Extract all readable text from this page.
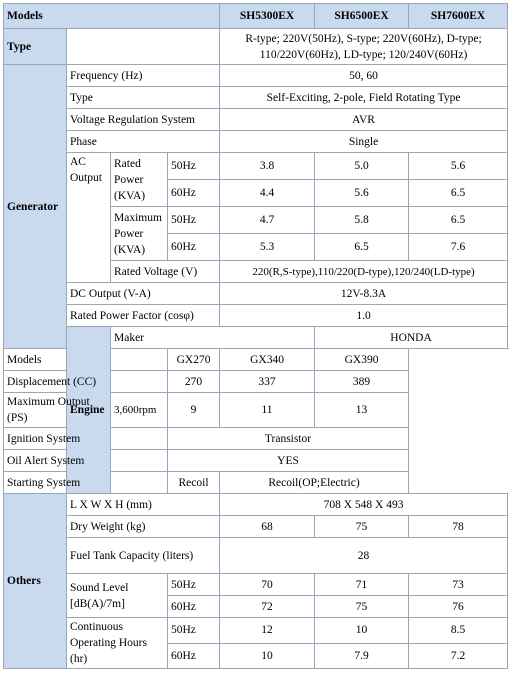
Models				SH5300EX	SH6500EX	SH7600EX
Type				R-type; 220V(50Hz), S-type; 220V(60Hz), D-type;
110/220V(60Hz), LD-type; 120/240V(60Hz)		
Generator	Frequency (Hz)			50, 60		
	Type			Self-Exciting, 2-pole, Field Rotating Type		
	Voltage Regulation System			AVR		
	Phase			Single		
	AC Output	Rated Power (KVA)	50Hz	3.8	5.0	5.6
			60Hz	4.4	5.6	6.5
		Maximum Power (KVA)	50Hz	4.7	5.8	6.5
			60Hz	5.3	6.5	7.6
		Rated Voltage (V)		220(R,S-type),110/220(D-type),120/240(LD-type)		
	DC Output (V-A)			12V-8.3A		
	Rated Power Factor (cosφ)			1.0		
	Engine	Maker			HONDA	
Models			GX270	GX340	GX390	
Displacement (CC)			270	337	389	
Maximum Output (PS)		3,600rpm	9	11	13	
Ignition System			Transistor			
Oil Alert System			YES			
Starting System			Recoil	Recoil(OP;Electric)		
Others	L X W X H (mm)			708 X 548 X 493		
	Dry Weight (kg)			68	75	78
	Fuel Tank Capacity (liters)			28		
	Sound Level [dB(A)/7m]		50Hz	70	71	73
			60Hz	72	75	76
	Continuous Operating Hours (hr)		50Hz	12	10	8.5
			60Hz	10	7.9	7.2
